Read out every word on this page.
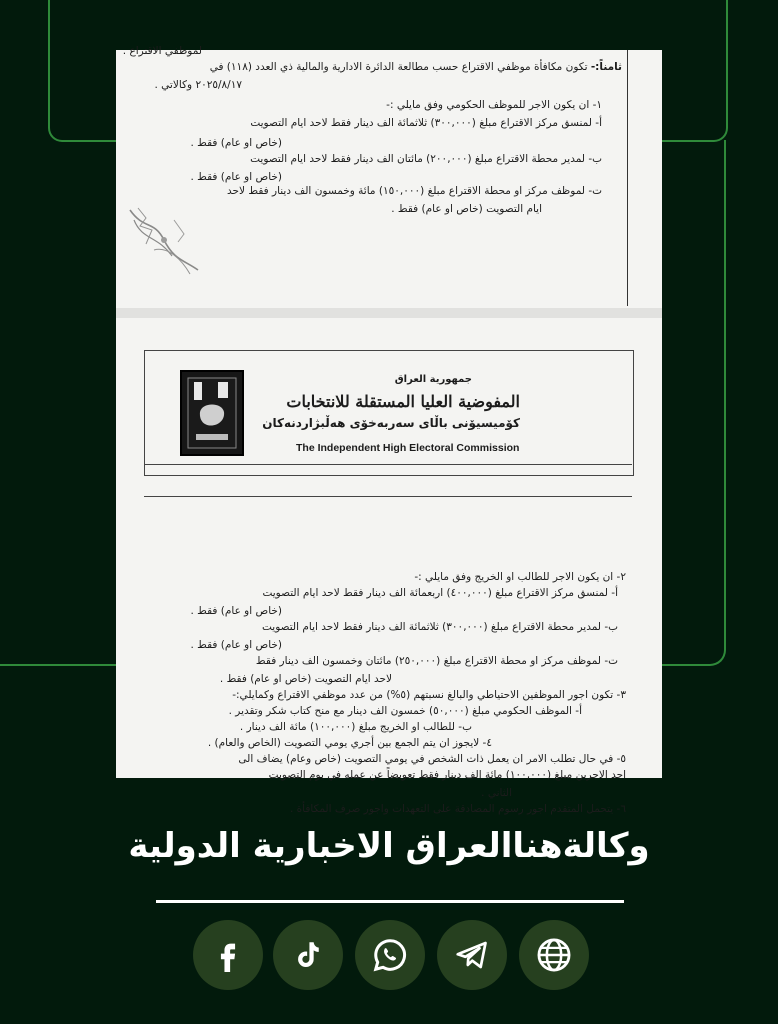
لموظفي الاقتراع .
ثامناً:- تكون مكافأة موظفي الاقتراع حسب مطالعة الدائرة الادارية والمالية ذي العدد (١١٨) في
٢٠٢٥/٨/١٧ وكالاتي .
١- ان يكون الاجر للموظف الحكومي وفق مايلي :-
أ- لمنسق مركز الاقتراع مبلغ (٣٠٠,٠٠٠) ثلاثمائة الف دينار فقط لاحد ايام التصويت
(خاص او عام) فقط .
ب- لمدير محطة الاقتراع مبلغ (٢٠٠,٠٠٠) مائتان الف دينار فقط لاحد ايام التصويت
(خاص او عام) فقط .
ت- لموظف مركز او محطة الاقتراع مبلغ (١٥٠,٠٠٠) مائة وخمسون الف دينار فقط لاحد
ايام التصويت (خاص او عام) فقط .
جمهورية العراق
المفوضية العليا المستقلة للانتخابات
كۆمیسیۆنی باڵای سەربەخۆی هەڵبژاردنەکان
The Independent High Electoral Commission
٢- ان يكون الاجر للطالب او الخريج وفق مايلي :-
أ- لمنسق مركز الاقتراع مبلغ (٤٠٠,٠٠٠) اربعمائة الف دينار فقط لاحد ايام التصويت
(خاص او عام) فقط .
ب- لمدير محطة الاقتراع مبلغ (٣٠٠,٠٠٠) ثلاثمائة الف دينار فقط لاحد ايام التصويت
(خاص او عام) فقط .
ت- لموظف مركز او محطة الاقتراع مبلغ (٢٥٠,٠٠٠) مائتان وخمسون الف دينار فقط
لاحد ايام التصويت (خاص او عام) فقط .
٣- تكون اجور الموظفين الاحتياطي والبالغ نسبتهم (٥%) من عدد موظفي الاقتراع وكمايلي:-
أ- الموظف الحكومي مبلغ (٥٠,٠٠٠) خمسون الف دينار مع منح كتاب شكر وتقدير .
ب- للطالب او الخريج مبلغ (١٠٠,٠٠٠) مائة الف دينار .
٤- لايجوز ان يتم الجمع بين أجري يومي التصويت (الخاص والعام) .
٥- في حال تطلب الامر ان يعمل ذات الشخص في يومي التصويت (خاص وعام) يضاف الى
احد الاجرين مبلغ (١٠٠,٠٠٠) مائة الف دينار فقط تعويضاً عن عمله في يوم التصويت
الثاني .
٦- يتحمل المتقدم اجور رسوم المصادقة على التعهدات واجور صرف المكافأة .
وكالةهناالعراق الاخبارية الدولية
